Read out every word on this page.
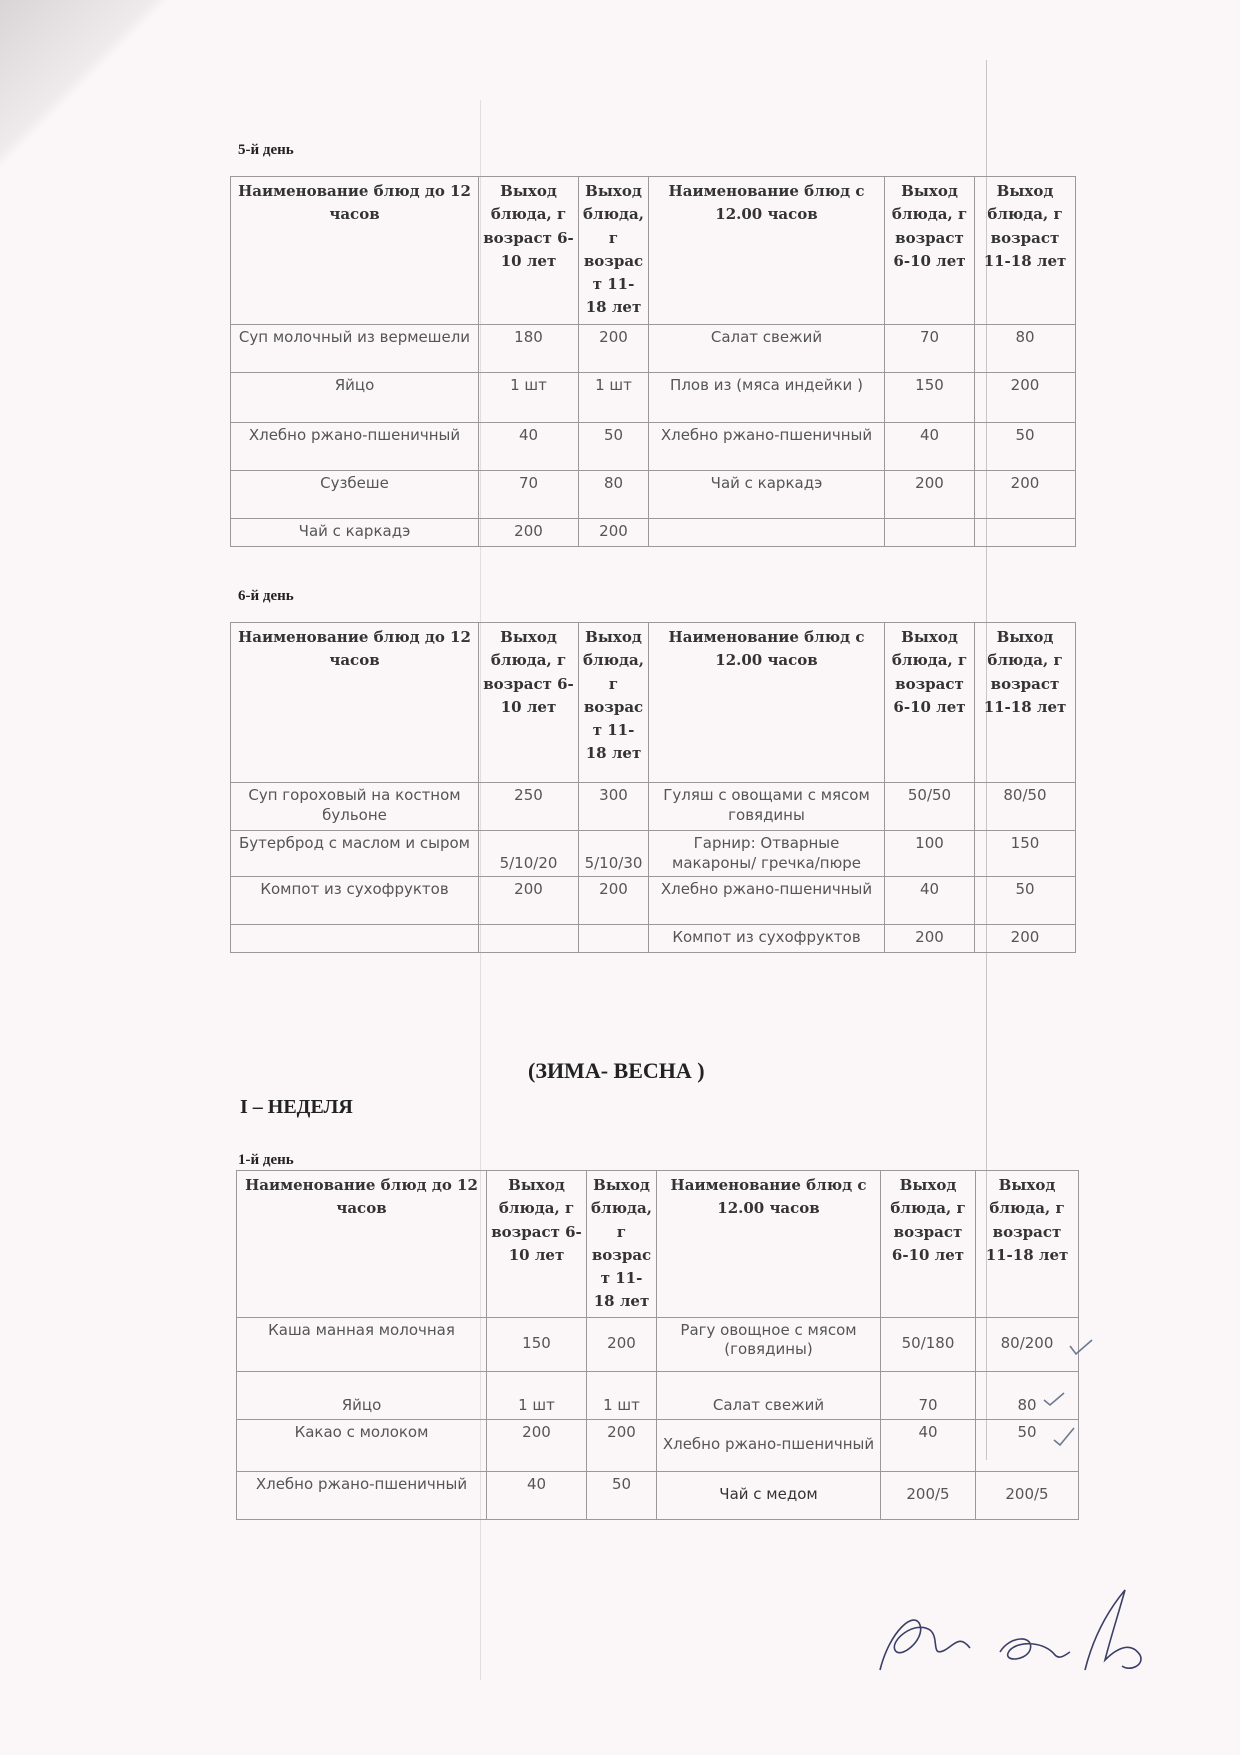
5-й день
Наименование блюд до 12 часов	Выход блюда, г возраст 6-10 лет	Выход блюда, г возрас т 11-18 лет	Наименование блюд с 12.00 часов	Выход блюда, г возраст 6-10 лет	Выход блюда, г возраст 11-18 лет
Суп молочный из вермешели	180	200	Салат свежий	70	80
Яйцо	1 шт	1 шт	Плов из (мяса индейки )	150	200
Хлебно ржано-пшеничный	40	50	Хлебно ржано-пшеничный	40	50
Сузбеше	70	80	Чай с каркадэ	200	200
Чай с каркадэ	200	200			
6-й день
Наименование блюд до 12 часов	Выход блюда, г возраст 6-10 лет	Выход блюда, г возрас т 11-18 лет	Наименование блюд с 12.00 часов	Выход блюда, г возраст 6-10 лет	Выход блюда, г возраст 11-18 лет
Суп гороховый на костном бульоне	250	300	Гуляш с овощами с мясом говядины	50/50	80/50
Бутерброд с маслом и сыром	5/10/20	5/10/30	Гарнир: Отварные макароны/ гречка/пюре	100	150
Компот из сухофруктов	200	200	Хлебно ржано-пшеничный	40	50
			Компот из сухофруктов	200	200
(ЗИМА- ВЕСНА )
I – НЕДЕЛЯ
1-й день
Наименование блюд до 12 часов	Выход блюда, г возраст 6-10 лет	Выход блюда, г возрас т 11-18 лет	Наименование блюд с 12.00 часов	Выход блюда, г возраст 6-10 лет	Выход блюда, г возраст 11-18 лет
Каша манная молочная	150	200	Рагу овощное с мясом (говядины)	50/180	80/200
Яйцо	1 шт	1 шт	Салат свежий	70	80
Какао с молоком	200	200	Хлебно ржано-пшеничный	40	50
Хлебно ржано-пшеничный	40	50	Чай с медом	200/5	200/5
